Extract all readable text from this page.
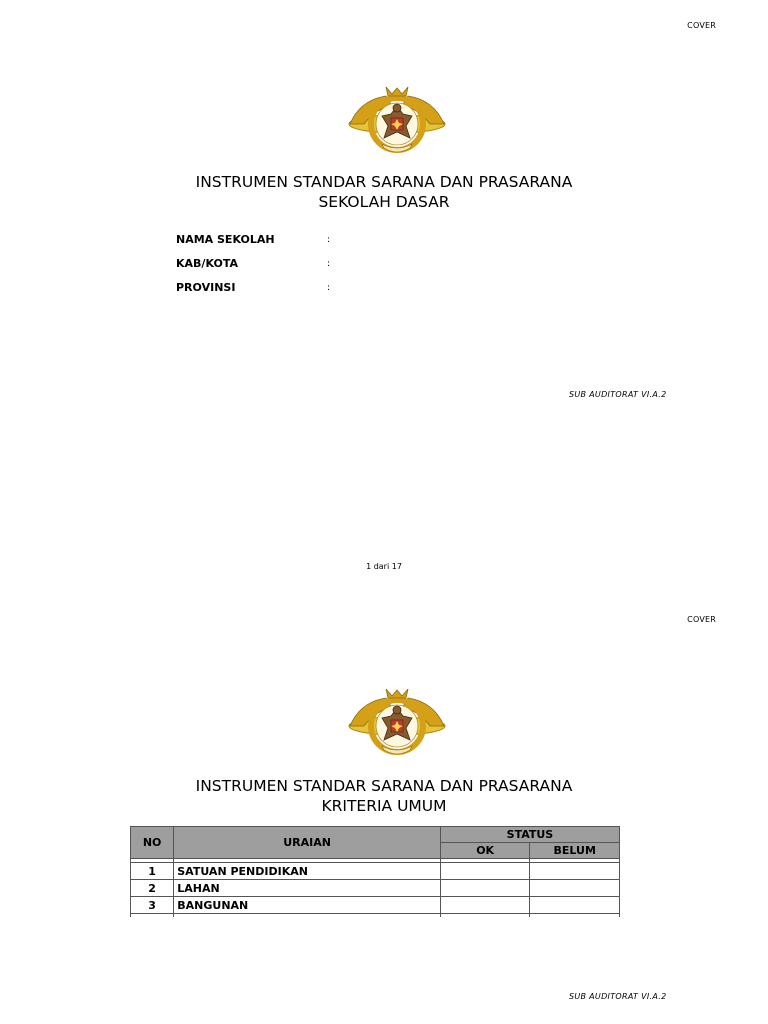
COVER
INSTRUMEN STANDAR SARANA DAN PRASARANA
SEKOLAH DASAR
NAMA SEKOLAH	:
KAB/KOTA	:
PROVINSI	:
SUB AUDITORAT VI.A.2
1 dari 17
COVER
INSTRUMEN STANDAR SARANA DAN PRASARANA
KRITERIA UMUM
NO	URAIAN	STATUS	
		OK	BELUM

1	SATUAN PENDIDIKAN		
2	LAHAN		
3	BANGUNAN		

SUB AUDITORAT VI.A.2
